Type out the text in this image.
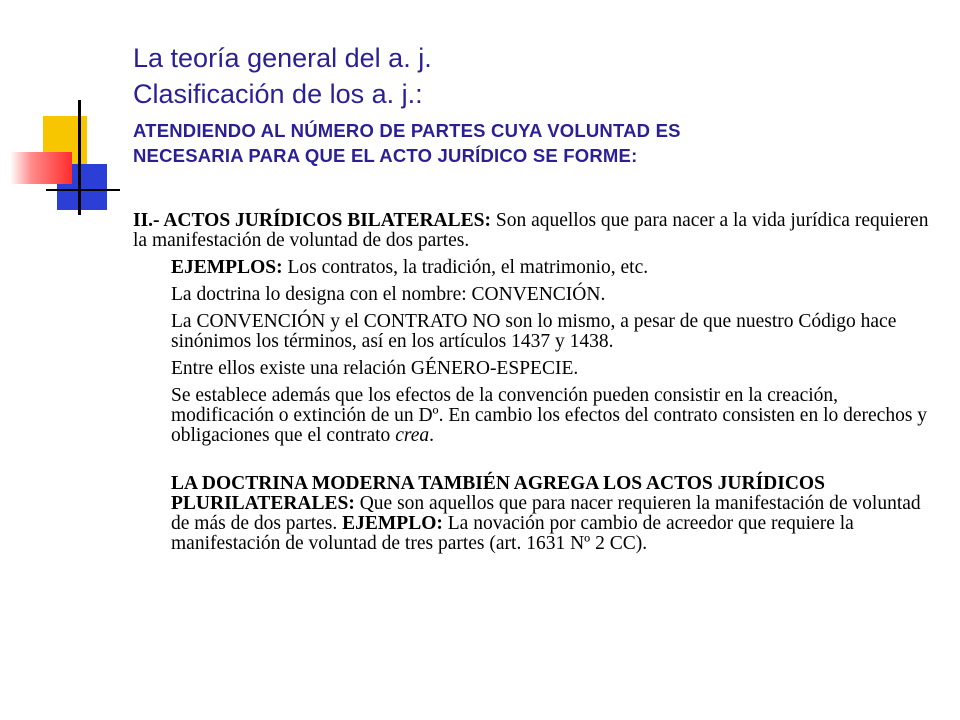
La teoría general del a. j.
Clasificación de los a. j.:
ATENDIENDO AL NÚMERO DE PARTES CUYA VOLUNTAD ES
NECESARIA PARA QUE EL ACTO JURÍDICO SE FORME:

II.- ACTOS JURÍDICOS BILATERALES: Son aquellos que para nacer a la vida jurídica requieren la manifestación de voluntad de dos partes.

EJEMPLOS: Los contratos, la tradición, el matrimonio, etc.

La doctrina lo designa con el nombre: CONVENCIÓN.

La CONVENCIÓN y el CONTRATO NO son lo mismo, a pesar de que nuestro Código hace sinónimos los términos, así en los artículos 1437 y 1438.

Entre ellos existe una relación GÉNERO-ESPECIE.

Se establece además que los efectos de la convención pueden consistir en la creación, modificación o extinción de un Dº. En cambio los efectos del contrato consisten en lo derechos y obligaciones que el contrato crea.

LA DOCTRINA MODERNA TAMBIÉN AGREGA LOS ACTOS JURÍDICOS PLURILATERALES: Que son aquellos que para nacer requieren la manifestación de voluntad de más de dos partes. EJEMPLO: La novación por cambio de acreedor que requiere la manifestación de voluntad de tres partes (art. 1631 Nº 2 CC).
